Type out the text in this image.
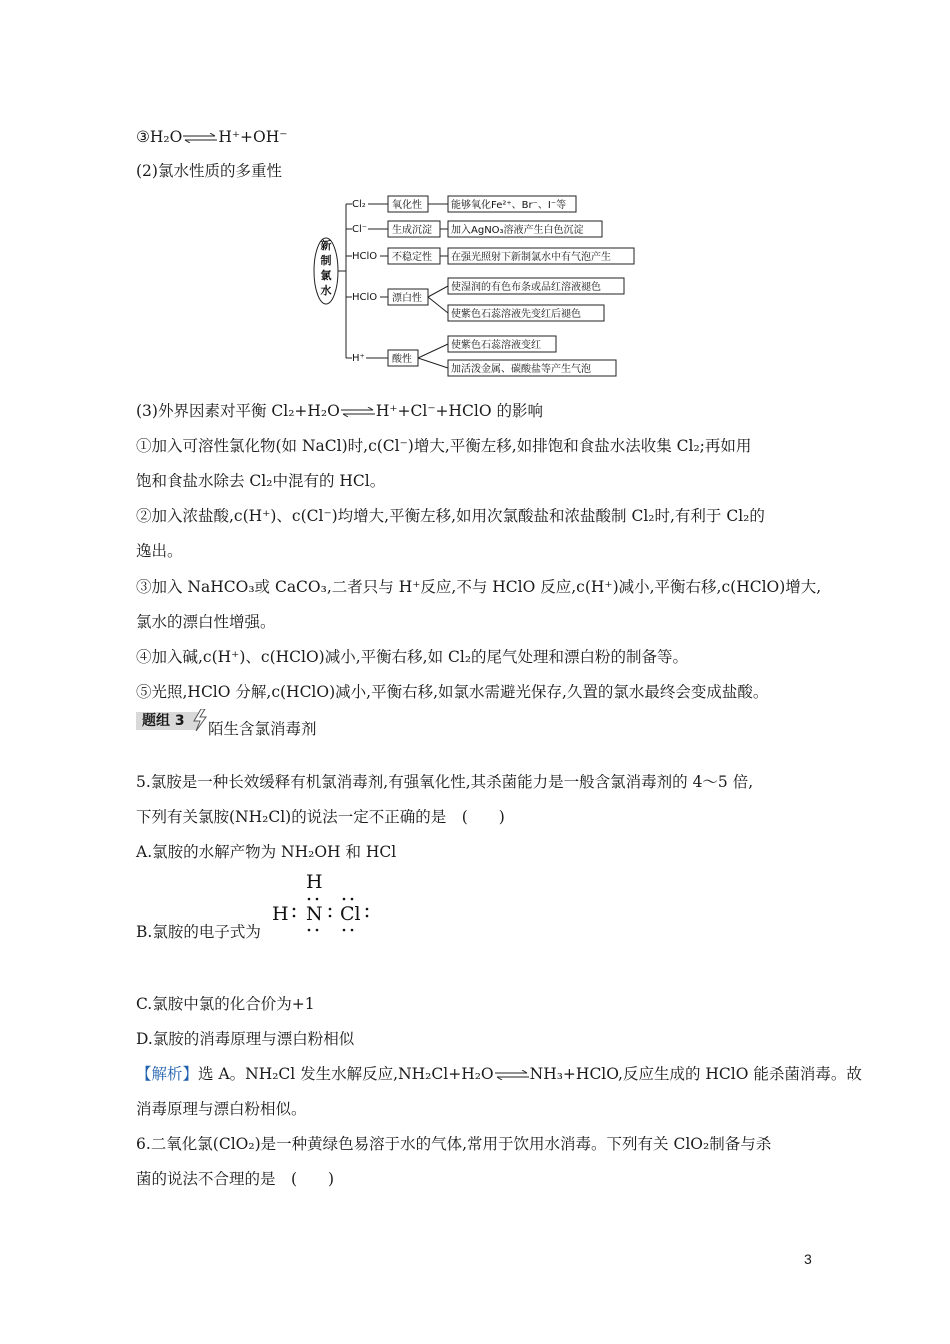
③H₂O⇌H⁺+OH⁻
(2)氯水性质的多重性
新
制
氯
水
Cl₂
Cl⁻
HClO
HClO
H⁺
氧化性
生成沉淀
不稳定性
漂白性
酸性
能够氧化Fe²⁺、Br⁻、I⁻等
加入AgNO₃溶液产生白色沉淀
在强光照射下新制氯水中有气泡产生
使湿润的有色布条或品红溶液褪色
使紫色石蕊溶液先变红后褪色
使紫色石蕊溶液变红
加活泼金属、碳酸盐等产生气泡
(3)外界因素对平衡 Cl₂+H₂O⇌H⁺+Cl⁻+HClO 的影响
①加入可溶性氯化物(如 NaCl)时,c(Cl⁻)增大,平衡左移,如排饱和食盐水法收集 Cl₂;再如用
饱和食盐水除去 Cl₂中混有的 HCl。
②加入浓盐酸,c(H⁺)、c(Cl⁻)均增大,平衡左移,如用次氯酸盐和浓盐酸制 Cl₂时,有利于 Cl₂的
逸出。
③加入 NaHCO₃或 CaCO₃,二者只与 H⁺反应,不与 HClO 反应,c(H⁺)减小,平衡右移,c(HClO)增大,
氯水的漂白性增强。
④加入碱,c(H⁺)、c(HClO)减小,平衡右移,如 Cl₂的尾气处理和漂白粉的制备等。
⑤光照,HClO 分解,c(HClO)减小,平衡右移,如氯水需避光保存,久置的氯水最终会变成盐酸。
题组 3	陌生含氯消毒剂
5.氯胺是一种长效缓释有机氯消毒剂,有强氧化性,其杀菌能力是一般含氯消毒剂的 4～5 倍,
下列有关氯胺(NH₂Cl)的说法一定不正确的是　(　　)
A.氯胺的水解产物为 NH₂OH 和 HCl
B.氯胺的电子式为
H
H N Cl
C.氯胺中氯的化合价为+1
D.氯胺的消毒原理与漂白粉相似
【解析】选 A。NH₂Cl 发生水解反应,NH₂Cl+H₂O⇌NH₃+HClO,反应生成的 HClO 能杀菌消毒。故
消毒原理与漂白粉相似。
6.二氧化氯(ClO₂)是一种黄绿色易溶于水的气体,常用于饮用水消毒。下列有关 ClO₂制备与杀
菌的说法不合理的是　(　　)
3
